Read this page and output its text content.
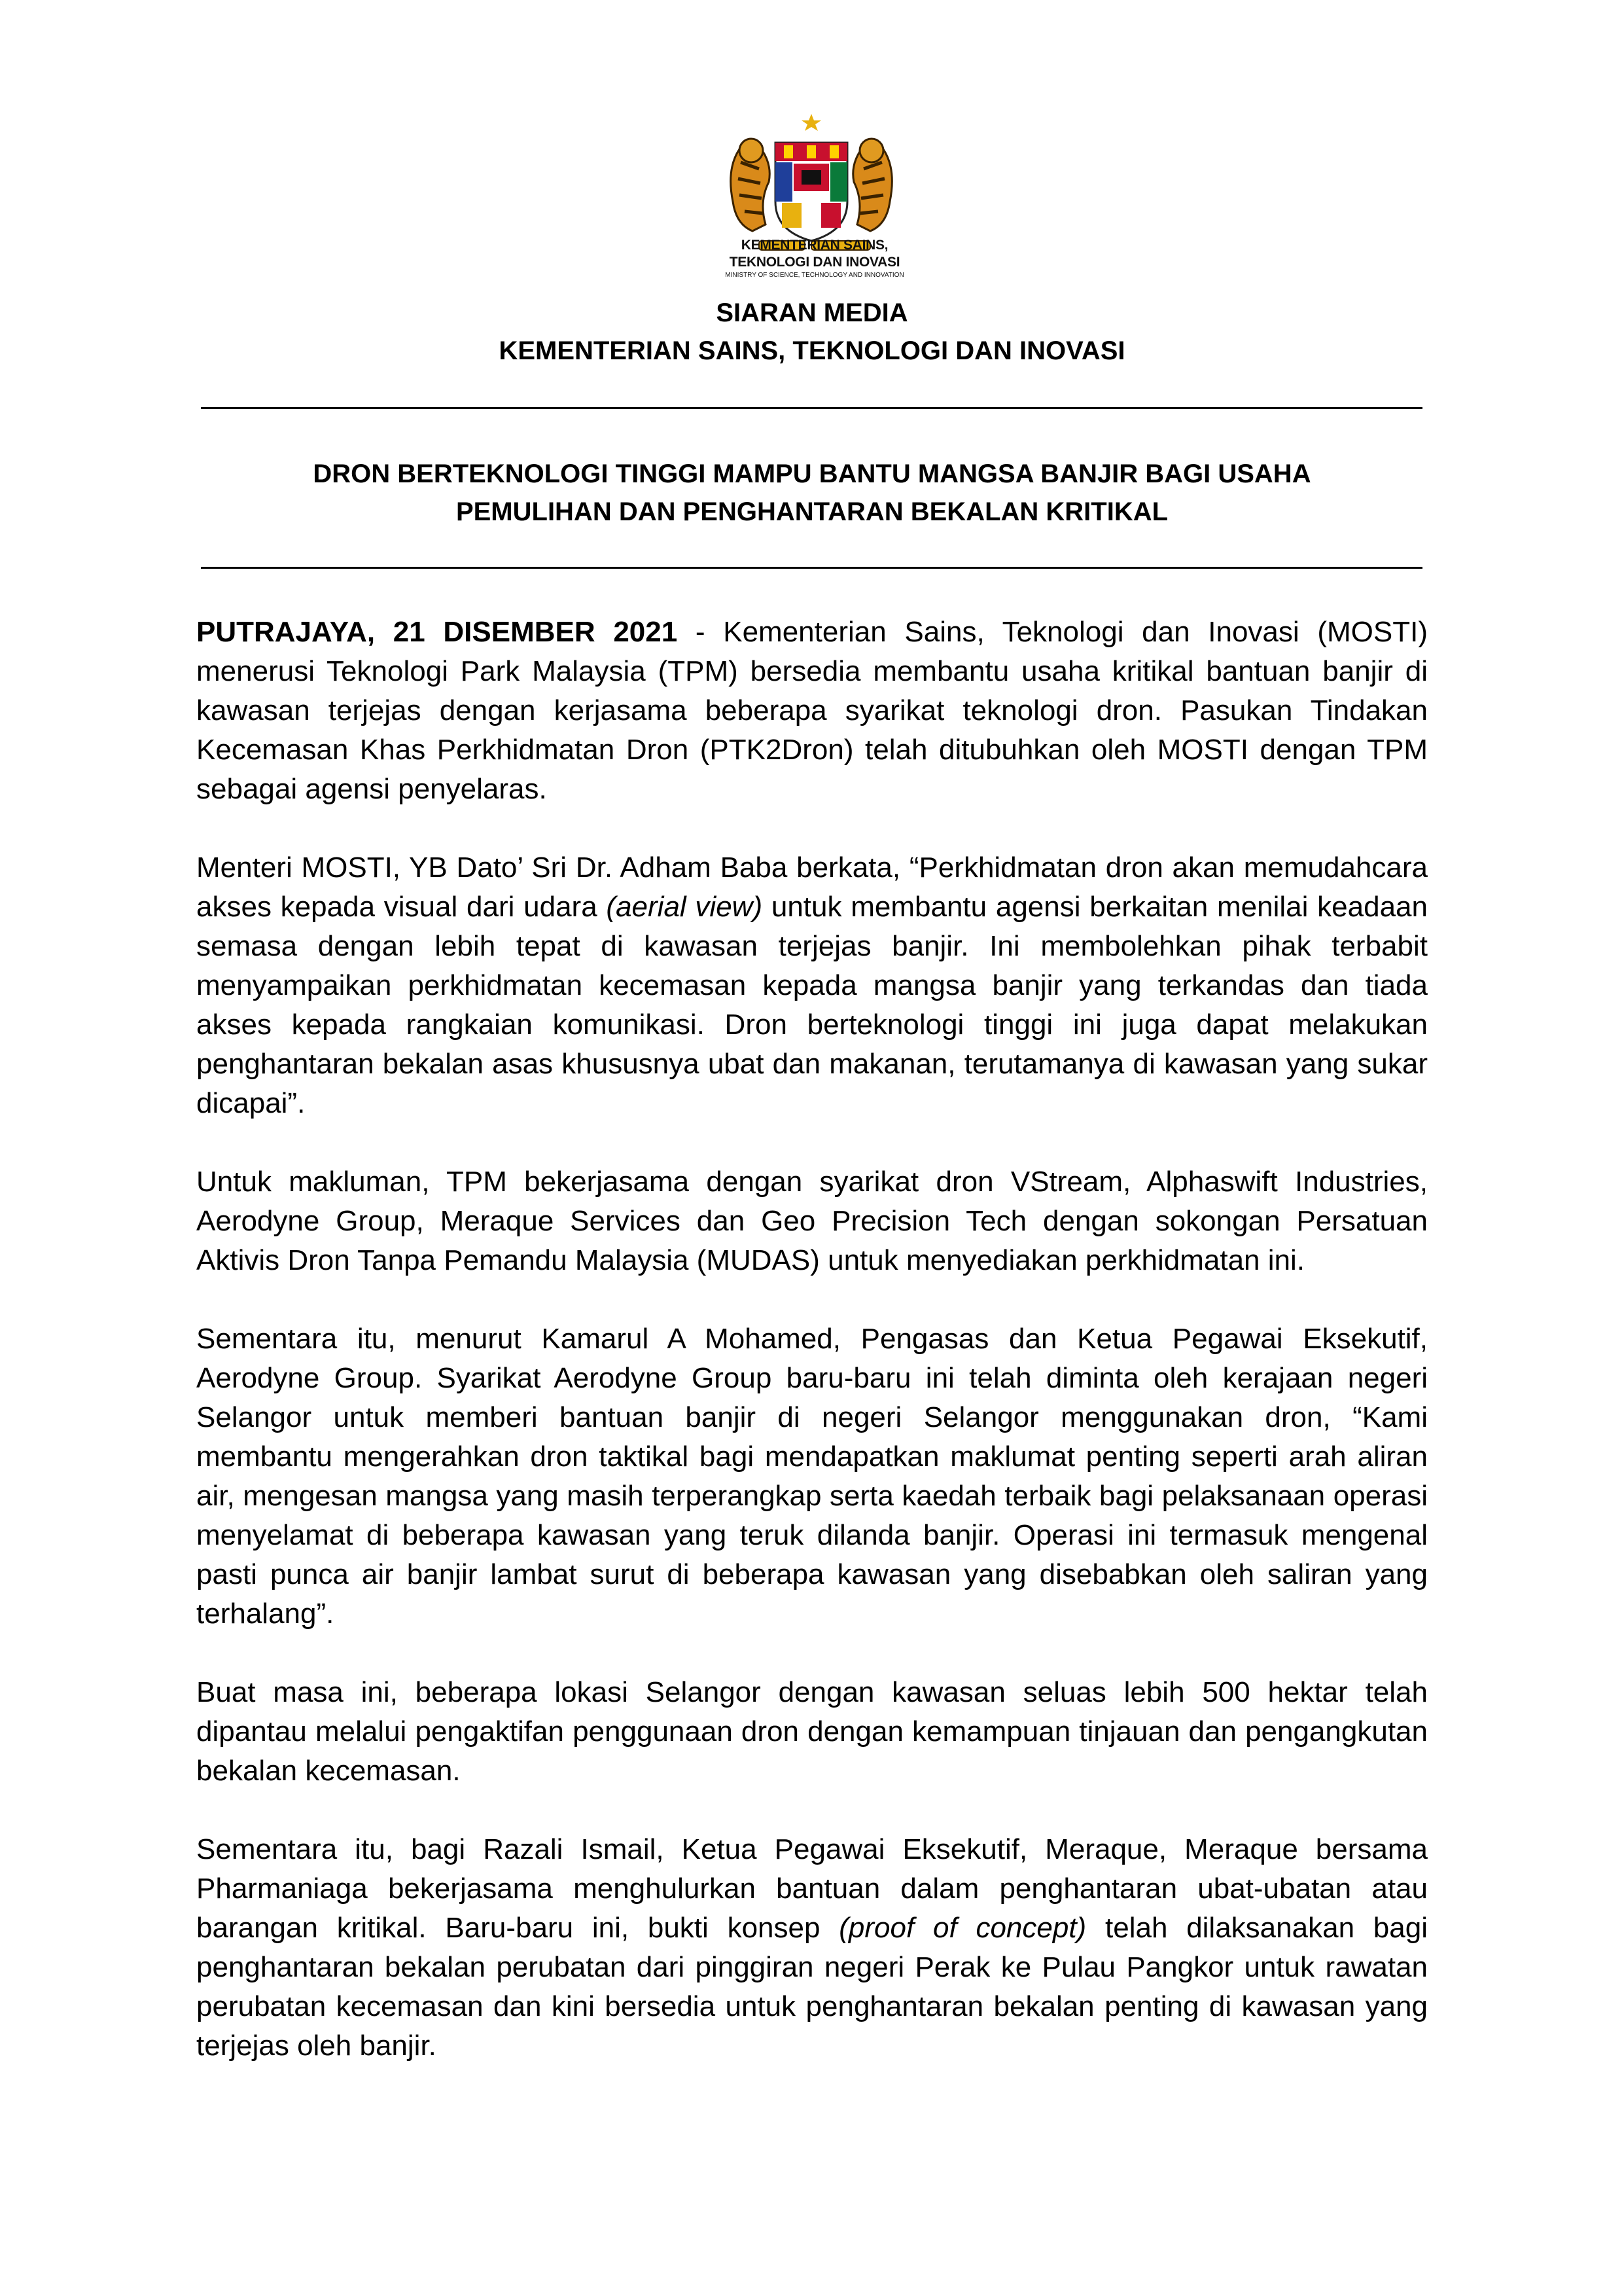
KEMENTERIAN SAINS,
TEKNOLOGI DAN INOVASI
MINISTRY OF SCIENCE, TECHNOLOGY AND INNOVATION
SIARAN MEDIA
KEMENTERIAN SAINS, TEKNOLOGI DAN INOVASI
DRON BERTEKNOLOGI TINGGI MAMPU BANTU MANGSA BANJIR BAGI USAHA
PEMULIHAN DAN PENGHANTARAN BEKALAN KRITIKAL

PUTRAJAYA, 21 DISEMBER 2021 - Kementerian Sains, Teknologi dan Inovasi (MOSTI) menerusi Teknologi Park Malaysia (TPM) bersedia membantu usaha kritikal bantuan banjir di kawasan terjejas dengan kerjasama beberapa syarikat teknologi dron. Pasukan Tindakan Kecemasan Khas Perkhidmatan Dron (PTK2Dron) telah ditubuhkan oleh MOSTI dengan TPM sebagai agensi penyelaras.

Menteri MOSTI, YB Dato’ Sri Dr. Adham Baba berkata, “Perkhidmatan dron akan memudahcara akses kepada visual dari udara (aerial view) untuk membantu agensi berkaitan menilai keadaan semasa dengan lebih tepat di kawasan terjejas banjir. Ini membolehkan pihak terbabit menyampaikan perkhidmatan kecemasan kepada mangsa banjir yang terkandas dan tiada akses kepada rangkaian komunikasi. Dron berteknologi tinggi ini juga dapat melakukan penghantaran bekalan asas khususnya ubat dan makanan, terutamanya di kawasan yang sukar dicapai”.

Untuk makluman, TPM bekerjasama dengan syarikat dron VStream, Alphaswift Industries, Aerodyne Group, Meraque Services dan Geo Precision Tech dengan sokongan Persatuan Aktivis Dron Tanpa Pemandu Malaysia (MUDAS) untuk menyediakan perkhidmatan ini.

Sementara itu, menurut Kamarul A Mohamed, Pengasas dan Ketua Pegawai Eksekutif, Aerodyne Group. Syarikat Aerodyne Group baru-baru ini telah diminta oleh kerajaan negeri Selangor untuk memberi bantuan banjir di negeri Selangor menggunakan dron, “Kami membantu mengerahkan dron taktikal bagi mendapatkan maklumat penting seperti arah aliran air, mengesan mangsa yang masih terperangkap serta kaedah terbaik bagi pelaksanaan operasi menyelamat di beberapa kawasan yang teruk dilanda banjir. Operasi ini termasuk mengenal pasti punca air banjir lambat surut di beberapa kawasan yang disebabkan oleh saliran yang terhalang”.

Buat masa ini, beberapa lokasi Selangor dengan kawasan seluas lebih 500 hektar telah dipantau melalui pengaktifan penggunaan dron dengan kemampuan tinjauan dan pengangkutan bekalan kecemasan.

Sementara itu, bagi Razali Ismail, Ketua Pegawai Eksekutif, Meraque, Meraque bersama Pharmaniaga bekerjasama menghulurkan bantuan dalam penghantaran ubat-ubatan atau barangan kritikal. Baru-baru ini, bukti konsep (proof of concept) telah dilaksanakan bagi penghantaran bekalan perubatan dari pinggiran negeri Perak ke Pulau Pangkor untuk rawatan perubatan kecemasan dan kini bersedia untuk penghantaran bekalan penting di kawasan yang terjejas oleh banjir.
